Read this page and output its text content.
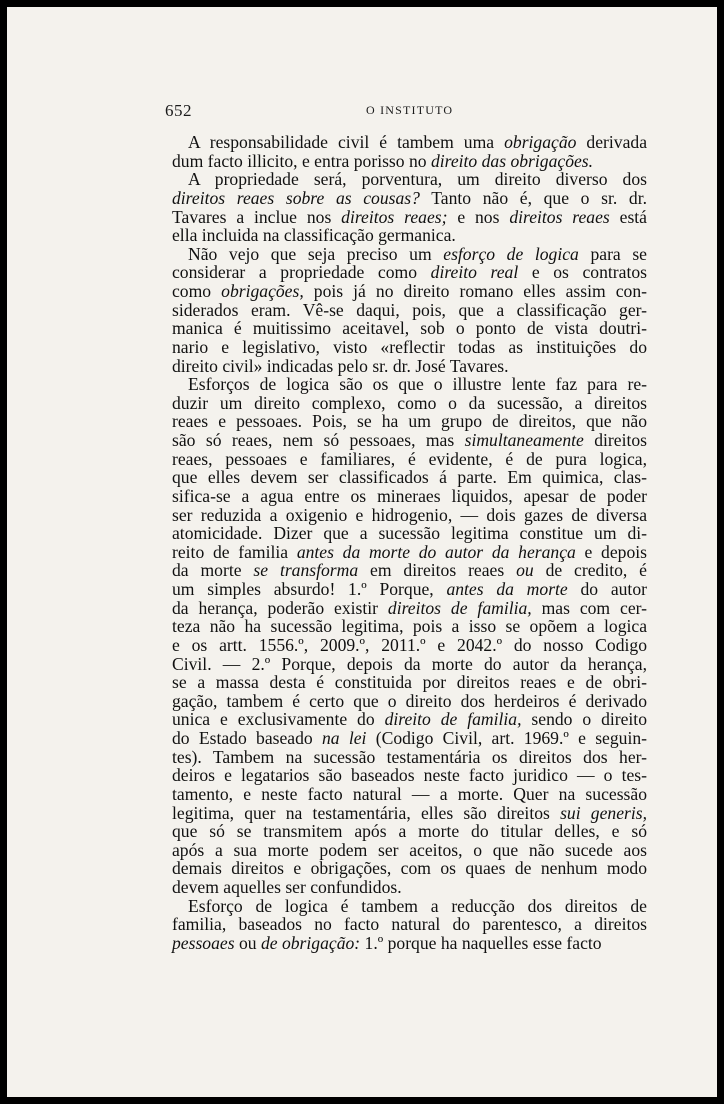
652	O INSTITUTO

A responsabilidade civil é tambem uma obrigação derivada
dum facto illicito, e entra porisso no direito das obrigações.

A propriedade será, porventura, um direito diverso dos
direitos reaes sobre as cousas? Tanto não é, que o sr. dr.
Tavares a inclue nos direitos reaes; e nos direitos reaes está
ella incluida na classificação germanica.

Não vejo que seja preciso um esforço de logica para se
considerar a propriedade como direito real e os contratos
como obrigações, pois já no direito romano elles assim con-
siderados eram. Vê-se daqui, pois, que a classificação ger-
manica é muitissimo aceitavel, sob o ponto de vista doutri-
nario e legislativo, visto «reflectir todas as instituições do
direito civil» indicadas pelo sr. dr. José Tavares.

Esforços de logica são os que o illustre lente faz para re-
duzir um direito complexo, como o da sucessão, a direitos
reaes e pessoaes. Pois, se ha um grupo de direitos, que não
são só reaes, nem só pessoaes, mas simultaneamente direitos
reaes, pessoaes e familiares, é evidente, é de pura logica,
que elles devem ser classificados á parte. Em quimica, clas-
sifica-se a agua entre os mineraes liquidos, apesar de poder
ser reduzida a oxigenio e hidrogenio, — dois gazes de diversa
atomicidade. Dizer que a sucessão legitima constitue um di-
reito de familia antes da morte do autor da herança e depois
da morte se transforma em direitos reaes ou de credito, é
um simples absurdo! 1.º Porque, antes da morte do autor
da herança, poderão existir direitos de familia, mas com cer-
teza não ha sucessão legitima, pois a isso se opõem a logica
e os artt. 1556.º, 2009.º, 2011.º e 2042.º do nosso Codigo
Civil. — 2.º Porque, depois da morte do autor da herança,
se a massa desta é constituida por direitos reaes e de obri-
gação, tambem é certo que o direito dos herdeiros é derivado
unica e exclusivamente do direito de familia, sendo o direito
do Estado baseado na lei (Codigo Civil, art. 1969.º e seguin-
tes). Tambem na sucessão testamentária os direitos dos her-
deiros e legatarios são baseados neste facto juridico — o tes-
tamento, e neste facto natural — a morte. Quer na sucessão
legitima, quer na testamentária, elles são direitos sui generis,
que só se transmitem após a morte do titular delles, e só
após a sua morte podem ser aceitos, o que não sucede aos
demais direitos e obrigações, com os quaes de nenhum modo
devem aquelles ser confundidos.

Esforço de logica é tambem a reducção dos direitos de
familia, baseados no facto natural do parentesco, a direitos
pessoaes ou de obrigação: 1.º porque ha naquelles esse facto
